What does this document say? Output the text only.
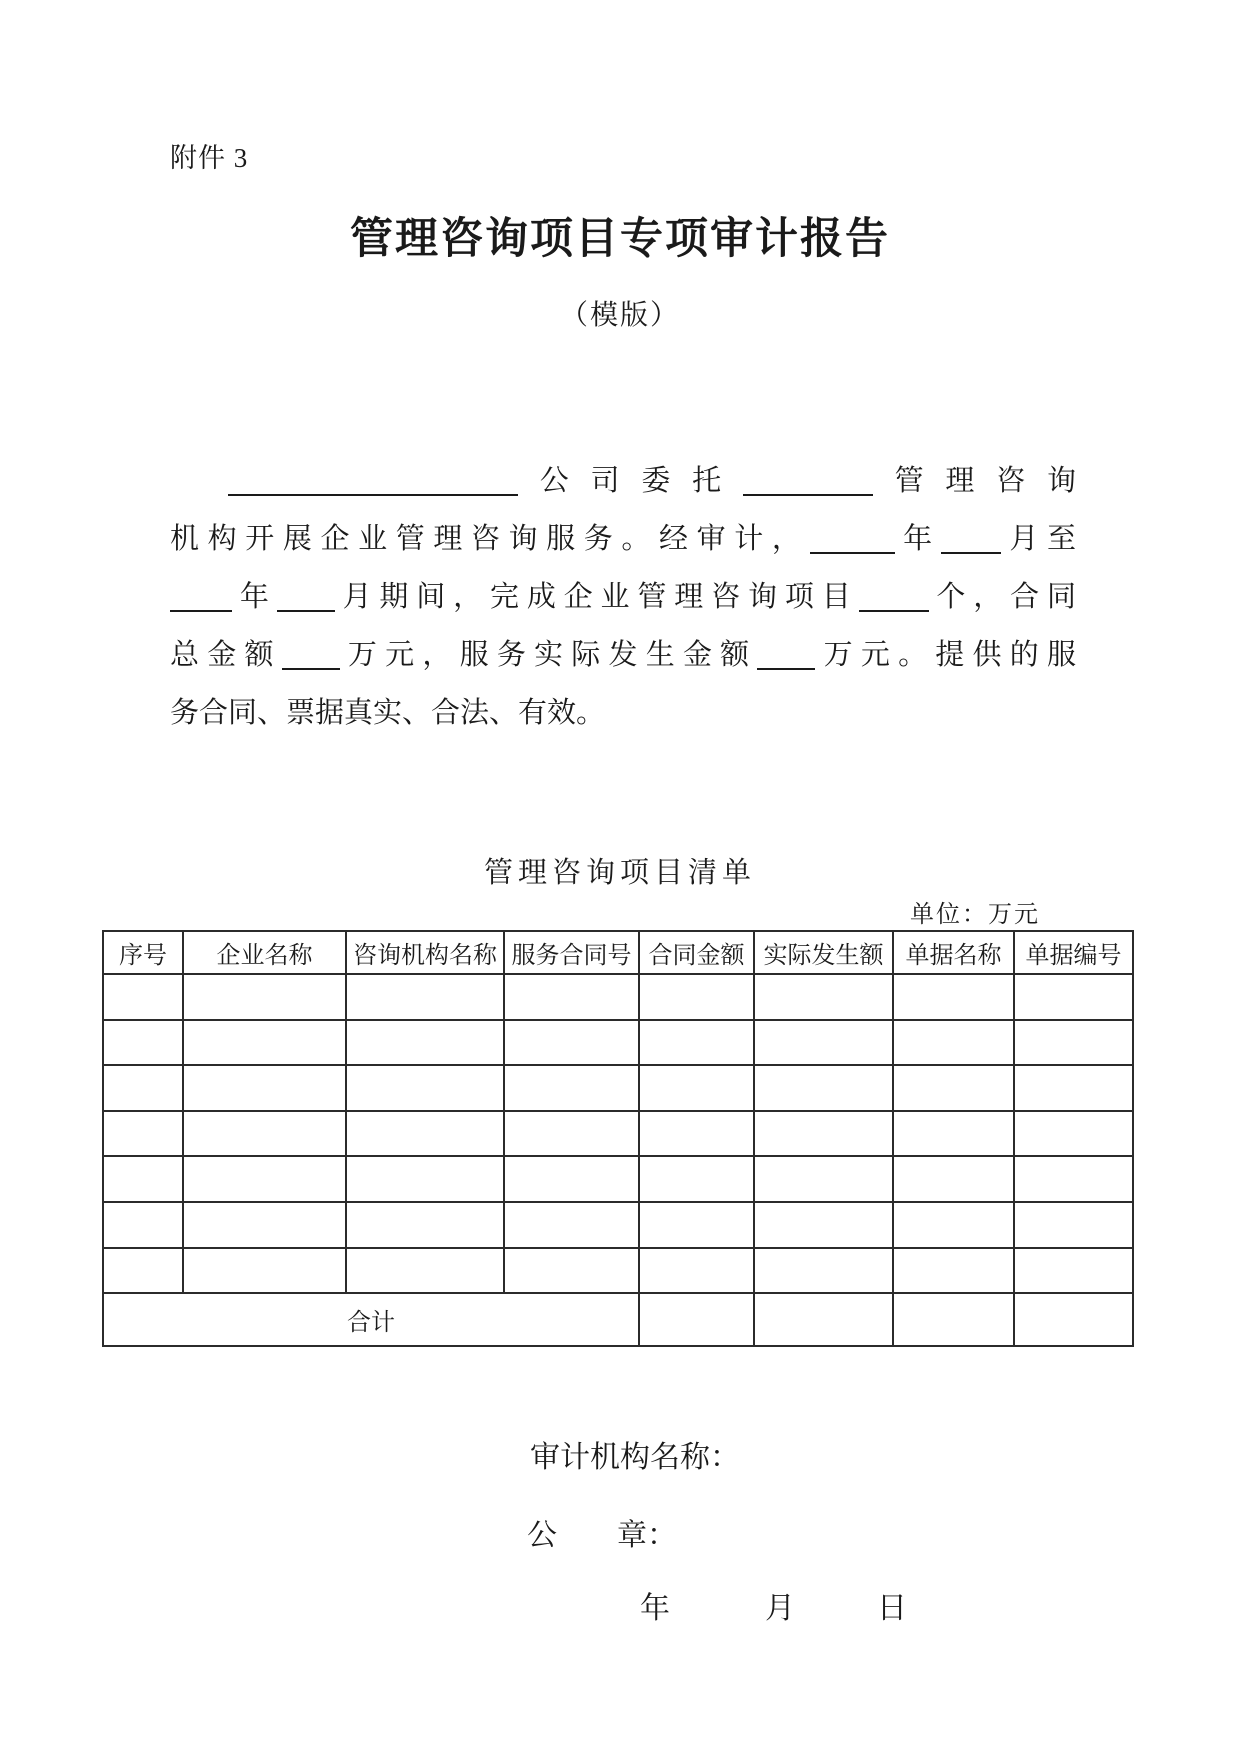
附件 3
管理咨询项目专项审计报告
（模版）
公司委托	管理咨询
机构开展企业管理咨询服务。经审计，	年 月至
年 月期间，完成企业管理咨询项目 个，合同
总金额 万元，服务实际发生金额 万元。提供的服
务合同、票据真实、合法、有效。
管理咨询项目清单
单位：万元
序号	企业名称	咨询机构名称	服务合同号	合同金额	实际发生额	单据名称	单据编号

合计							
审计机构名称：
公　　章：
年	月	日
